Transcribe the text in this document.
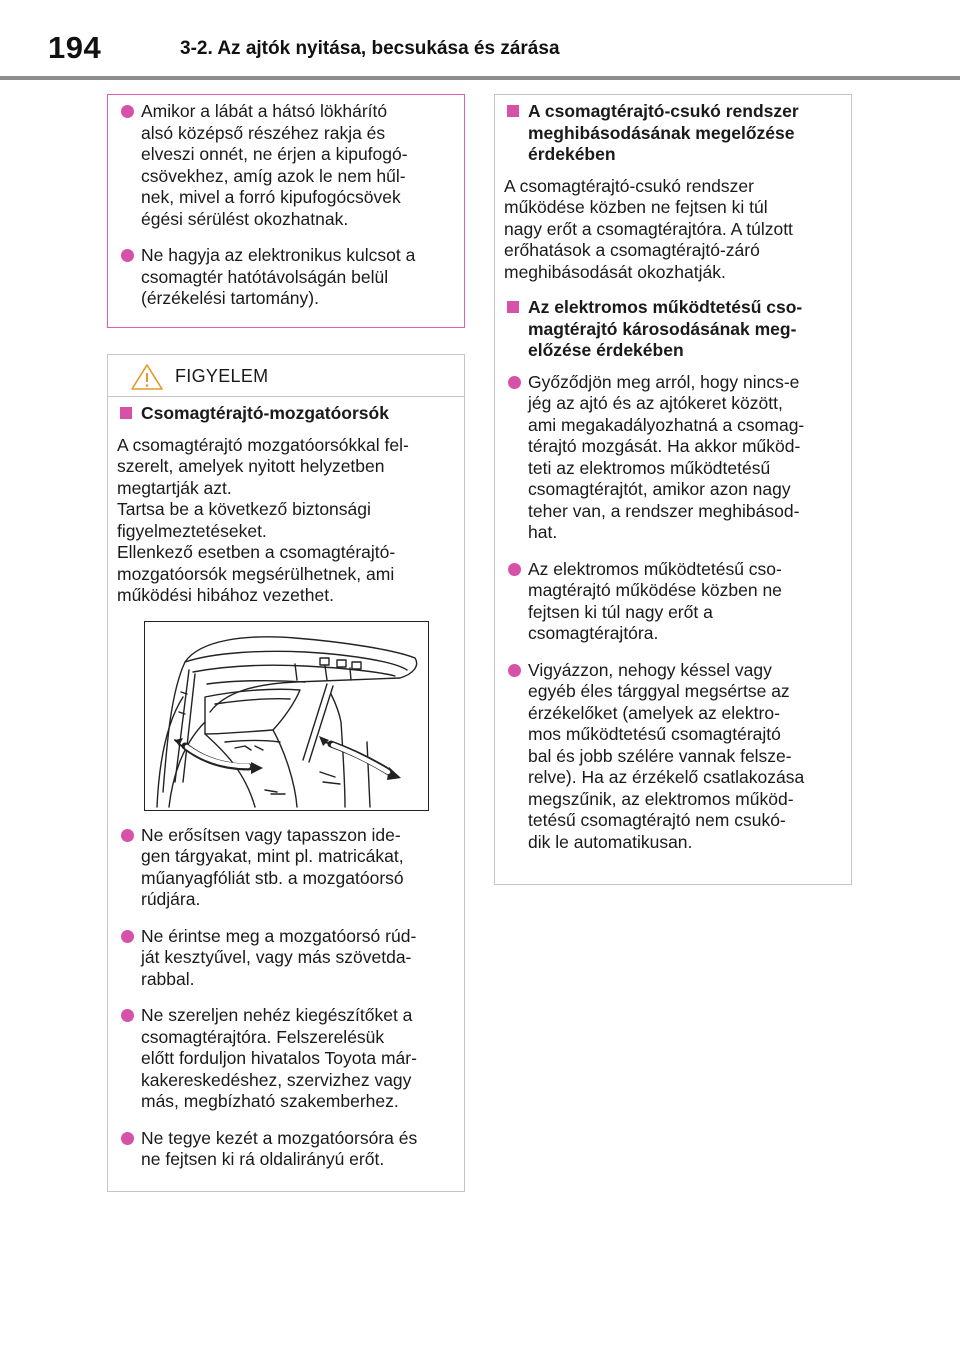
194	3-2. Az ajtók nyitása, becsukása és zárása
Amikor a lábát a hátsó lökhárító
alsó középső részéhez rakja és
elveszi onnét, ne érjen a kipufogó-
csövekhez, amíg azok le nem hűl-
nek, mivel a forró kipufogócsövek
égési sérülést okozhatnak.
Ne hagyja az elektronikus kulcsot a
csomagtér hatótávolságán belül
(érzékelési tartomány).
FIGYELEM
Csomagtérajtó-mozgatóorsók
A csomagtérajtó mozgatóorsókkal fel-
szerelt, amelyek nyitott helyzetben
megtartják azt.
Tartsa be a következő biztonsági
figyelmeztetéseket.
Ellenkező esetben a csomagtérajtó-
mozgatóorsók megsérülhetnek, ami
működési hibához vezethet.
Ne erősítsen vagy tapasszon ide-
gen tárgyakat, mint pl. matricákat,
műanyagfóliát stb. a mozgatóorsó
rúdjára.
Ne érintse meg a mozgatóorsó rúd-
ját kesztyűvel, vagy más szövetda-
rabbal.
Ne szereljen nehéz kiegészítőket a
csomagtérajtóra. Felszerelésük
előtt forduljon hivatalos Toyota már-
kakereskedéshez, szervizhez vagy
más, megbízható szakemberhez.
Ne tegye kezét a mozgatóorsóra és
ne fejtsen ki rá oldalirányú erőt.
A csomagtérajtó-csukó rendszer
meghibásodásának megelőzése
érdekében
A csomagtérajtó-csukó rendszer
működése közben ne fejtsen ki túl
nagy erőt a csomagtérajtóra. A túlzott
erőhatások a csomagtérajtó-záró
meghibásodását okozhatják.
Az elektromos működtetésű cso-
magtérajtó károsodásának meg-
előzése érdekében
Győződjön meg arról, hogy nincs-e
jég az ajtó és az ajtókeret között,
ami megakadályozhatná a csomag-
térajtó mozgását. Ha akkor működ-
teti az elektromos működtetésű
csomagtérajtót, amikor azon nagy
teher van, a rendszer meghibásod-
hat.
Az elektromos működtetésű cso-
magtérajtó működése közben ne
fejtsen ki túl nagy erőt a
csomagtérajtóra.
Vigyázzon, nehogy késsel vagy
egyéb éles tárggyal megsértse az
érzékelőket (amelyek az elektro-
mos működtetésű csomagtérajtó
bal és jobb szélére vannak felsze-
relve). Ha az érzékelő csatlakozása
megszűnik, az elektromos működ-
tetésű csomagtérajtó nem csukó-
dik le automatikusan.
